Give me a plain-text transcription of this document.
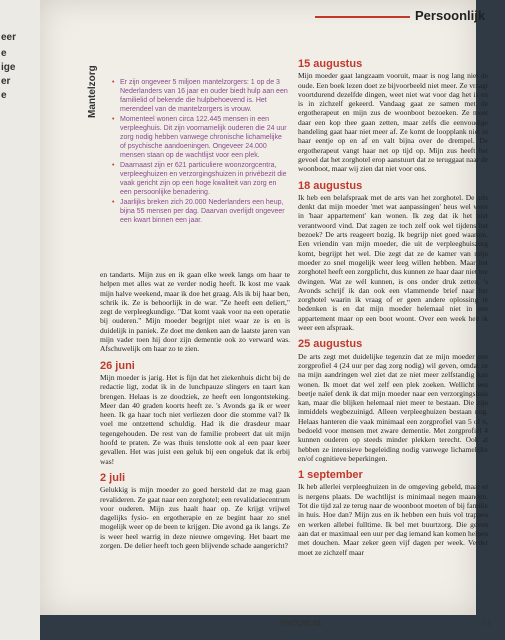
eer
e
ige
er
e
Persoonlijk
Mantelzorg
•	Er zijn ongeveer 5 miljoen mantelzorgers: 1 op de 3 Nederlanders van 16 jaar en ouder biedt hulp aan een familielid of bekende die hulpbehoevend is. Het merendeel van de mantelzorgers is vrouw.
• Momenteel wonen circa 122.445 mensen in een verpleeghuis. Dit zijn voornamelijk ouderen die 24 uur zorg nodig hebben vanwege chronische lichamelijke of psychische aandoeningen. Ongeveer 24.000 mensen staan op de wachtlijst voor een plek.
• Daarnaast zijn er 621 particuliere woonzorgcentra, verpleeghuizen en verzorgingshuizen in privébezit die vaak gericht zijn op een hoge kwaliteit van zorg en een persoonlijke benadering.
• Jaarlijks breken zich 20.000 Nederlanders een heup, bijna 55 mensen per dag. Daarvan overlijdt ongeveer een kwart binnen een jaar.

en tandarts. Mijn zus en ik gaan elke week langs om haar te helpen met alles wat ze verder nodig heeft. Ik kost me vaak mijn halve weekend, maar ik doe het graag. Als ik bij haar ben, schrik ik. Ze is behoorlijk in de war. "Ze heeft een deliert," zegt de verpleegkundige. "Dat komt vaak voor na een operatie bij ouderen." Mijn moeder begrijpt niet waar ze is en is duidelijk in paniek. Ze doet me denken aan de laatste jaren van mijn vader toen hij door zijn dementie ook zo verward was. Afschuwelijk om haar zo te zien.

26 juni

Mijn moeder is jarig. Het is fijn dat het ziekenhuis dicht bij de redactie ligt, zodat ik in de lunchpauze slingers en taart kan brengen. Helaas is ze doodziek, ze heeft een longontsteking. Meer dan 40 graden koorts heeft ze. 's Avonds ga ik er weer heen. Ik ga haar toch niet verliezen door die stomme val? Ik voel me ontzettend schuldig. Had ik die drasdeur maar tegengehouden. De rest van de familie probeert dat uit mijn hoofd te praten. Ze was thuis tenslotte ook al een paar keer gevallen. Het was juist een geluk bij een ongeluk dat ik erbij was!

2 juli

Gelukkig is mijn moeder zo goed hersteld dat ze mag gaan revalideren. Ze gaat naar een zorghotel; een revalidatiecentrum voor ouderen. Mijn zus haalt haar op. Ze krijgt vrijwel dagelijks fysio- en ergotherapie en ze begint haar zo snel mogelijk weer op de been te krijgen. Die avond ga ik langs. Ze is weer heel warrig in deze nieuwe omgeving. Het baart me zorgen. De delier heeft toch geen blijvende schade aangericht?

15 augustus

Mijn moeder gaat langzaam vooruit, maar is nog lang niet de oude. Een boek lezen doet ze bijvoorbeeld niet meer. Ze vraagt voortdurend dezelfde dingen, weet niet wat voor dag het is en is in zichzelf gekeerd. Vandaag gaat ze samen met de ergotherapeut en mijn zus de woonboot bezoeken. Ze moet daar een kop thee gaan zetten, maar zelfs die eenvoudige handeling gaat haar niet meer af. Ze komt de loopplank niet in haar eentje op en af en valt bijna over de drempel. De ergotherapeut vangt haar net op tijd op. Mijn zus heeft het gevoel dat het zorghotel erop aanstuurt dat ze teruggaat naar de woonboot, maar wij zien dat niet voor ons.

18 augustus

Ik heb een belafspraak met de arts van het zorghotel. De arts denkt dat mijn moeder 'met wat aanpassingen' heus wel weer in 'haar appartement' kan wonen. Ik zeg dat ik het niet verantwoord vind. Dat zagen ze toch zelf ook wel tijdens het bezoek? De arts reageert bozig. Ik begrijp niet goed waarom. Een vriendin van mijn moeder, die uit de verpleeghuiszorg komt, begrijpt het wel. Die zegt dat ze de kamer van mijn moeder zo snel mogelijk weer leeg willen hebben. Maar het zorghotel heeft een zorgplicht, dus kunnen ze haar daar niet toe dwingen. Wat ze wél kunnen, is ons onder druk zetten. 's Avonds schrijf ik dan ook een vlammende brief naar het zorghotel waarin ik vraag of er geen andere oplossing te bedenken is en dat mijn moeder helemaal niet in een appartement maar op een boot woont. Over een week heb ik weer een afspraak.

25 augustus

De arts zegt met duidelijke tegenzin dat ze mijn moeder een zorgprofiel 4 (24 uur per dag zorg nodig) wil geven, omdat ze na mijn aandringen wel ziet dat ze niet meer zelfstandig kan wonen. Ik moet dat wel zelf een plek zoeken. Wellicht een beetje naïef denk ik dat mijn moeder naar een verzorgingshuis kan, maar die blijken helemaal niet meer te bestaan. Die zijn inmiddels wegbezuinigd. Alleen verpleeghuizen bestaan nog. Helaas hanteren die vaak minimaal een zorgprofiel van 5 of 6, bedoeld voor mensen met zware dementie. Met zorgprofiel 4 kunnen ouderen op steeds minder plekken terecht. Ook al hebben ze intensieve begeleiding nodig vanwege lichamelijke en/of cognitieve beperkingen.

1 september

Ik heb allerlei verpleeghuizen in de omgeving gebeld, maar er is nergens plaats. De wachtlijst is minimaal negen maanden. Tot die tijd zal ze terug naar de woonboot moeten of bij familie in huis. Hoe dan? Mijn zus en ik hebben een huis vol trappen en werken allebei fulltime. Ik bel met buurtzorg. Die geven aan dat er maximaal een uur per dag iemand kan komen helpen met douchen. Maar zeker geen vijf dagen per week. Verder moet ze zichzelf maar

VROUW.NL	31
